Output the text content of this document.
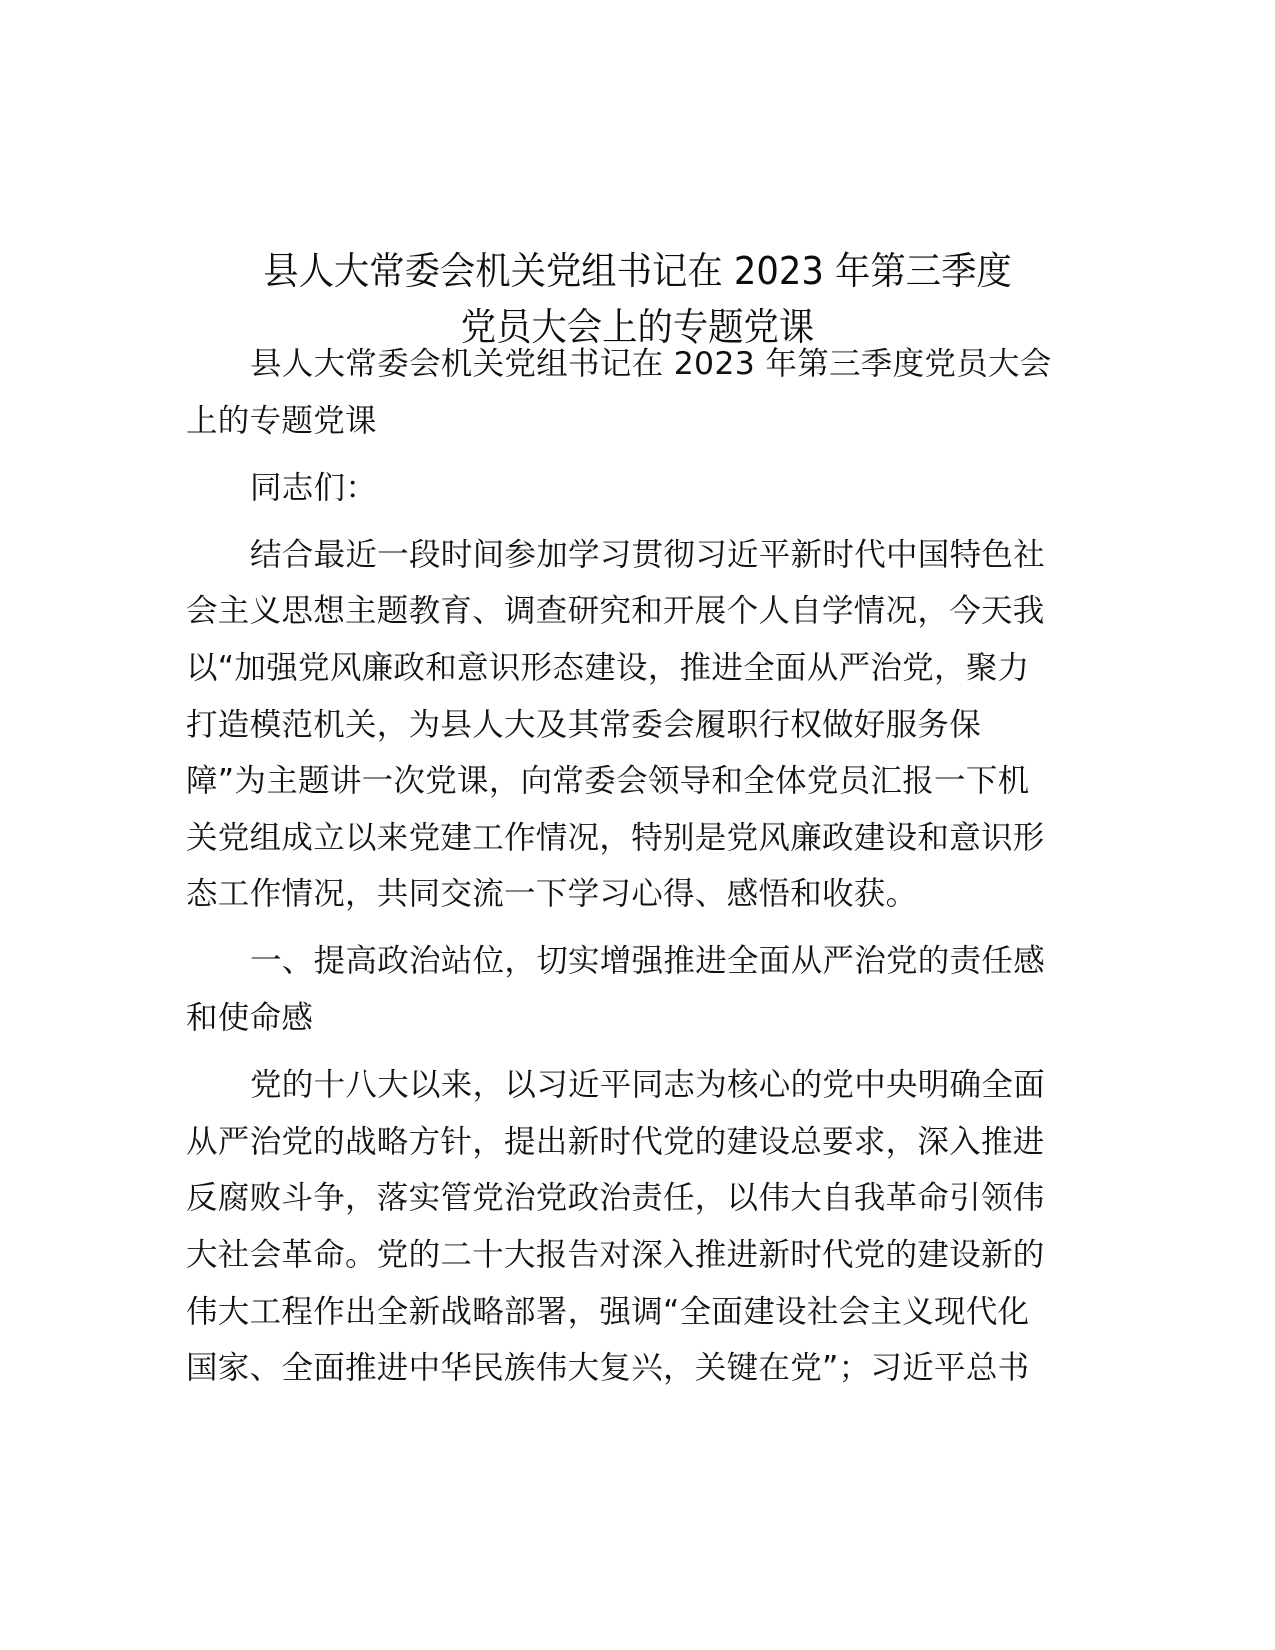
县人大常委会机关党组书记在 2023 年第三季度
党员大会上的专题党课
县人大常委会机关党组书记在 2023 年第三季度党员大会
上的专题党课
同志们：
结合最近一段时间参加学习贯彻习近平新时代中国特色社
会主义思想主题教育、调查研究和开展个人自学情况，今天我
以“加强党风廉政和意识形态建设，推进全面从严治党，聚力
打造模范机关，为县人大及其常委会履职行权做好服务保
障”为主题讲一次党课，向常委会领导和全体党员汇报一下机
关党组成立以来党建工作情况，特别是党风廉政建设和意识形
态工作情况，共同交流一下学习心得、感悟和收获。
一、提高政治站位，切实增强推进全面从严治党的责任感
和使命感
党的十八大以来，以习近平同志为核心的党中央明确全面
从严治党的战略方针，提出新时代党的建设总要求，深入推进
反腐败斗争，落实管党治党政治责任，以伟大自我革命引领伟
大社会革命。党的二十大报告对深入推进新时代党的建设新的
伟大工程作出全新战略部署，强调“全面建设社会主义现代化
国家、全面推进中华民族伟大复兴，关键在党”；习近平总书
